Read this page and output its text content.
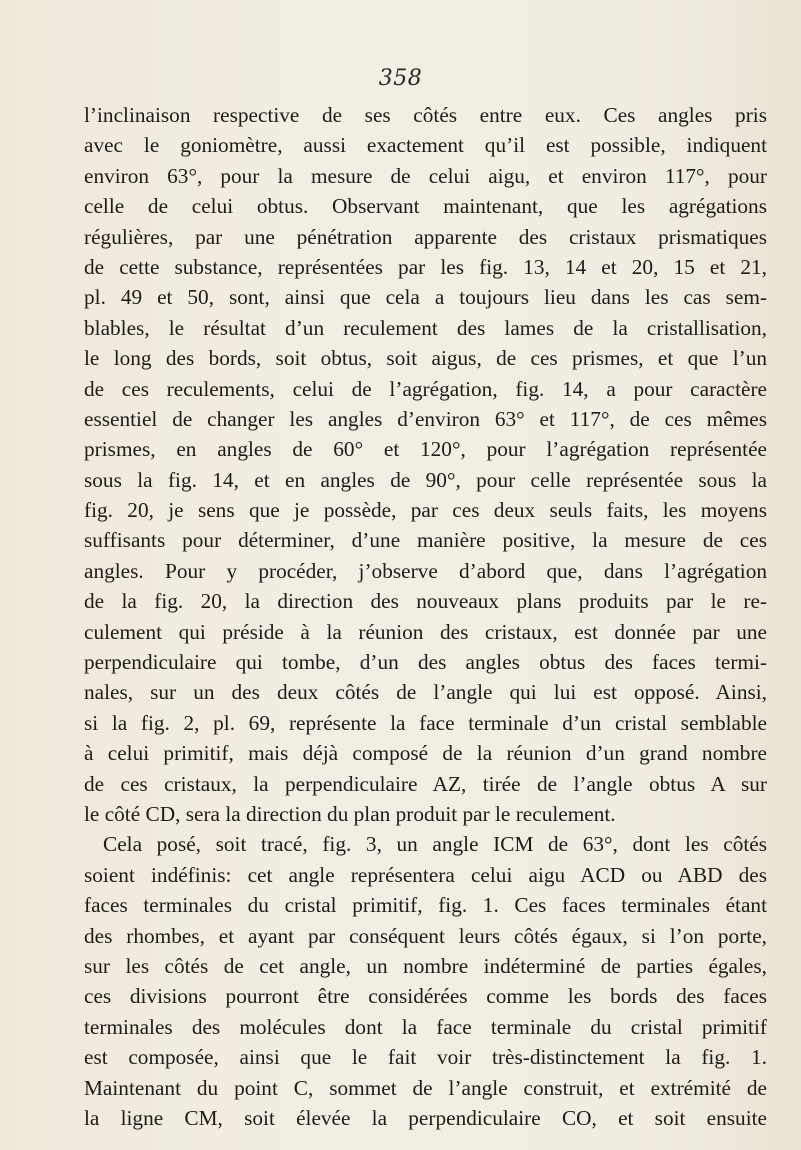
358
l’inclinaison respective de ses côtés entre eux. Ces angles pris
avec le goniomètre, aussi exactement qu’il est possible, indiquent
environ 63°, pour la mesure de celui aigu, et environ 117°, pour
celle de celui obtus. Observant maintenant, que les agrégations
régulières, par une pénétration apparente des cristaux prismatiques
de cette substance, représentées par les fig. 13, 14 et 20, 15 et 21,
pl. 49 et 50, sont, ainsi que cela a toujours lieu dans les cas sem-
blables, le résultat d’un reculement des lames de la cristallisation,
le long des bords, soit obtus, soit aigus, de ces prismes, et que l’un
de ces reculements, celui de l’agrégation, fig. 14, a pour caractère
essentiel de changer les angles d’environ 63° et 117°, de ces mêmes
prismes, en angles de 60° et 120°, pour l’agrégation représentée
sous la fig. 14, et en angles de 90°, pour celle représentée sous la
fig. 20, je sens que je possède, par ces deux seuls faits, les moyens
suffisants pour déterminer, d’une manière positive, la mesure de ces
angles. Pour y procéder, j’observe d’abord que, dans l’agrégation
de la fig. 20, la direction des nouveaux plans produits par le re-
culement qui préside à la réunion des cristaux, est donnée par une
perpendiculaire qui tombe, d’un des angles obtus des faces termi-
nales, sur un des deux côtés de l’angle qui lui est opposé. Ainsi,
si la fig. 2, pl. 69, représente la face terminale d’un cristal semblable
à celui primitif, mais déjà composé de la réunion d’un grand nombre
de ces cristaux, la perpendiculaire AZ, tirée de l’angle obtus A sur
le côté CD, sera la direction du plan produit par le reculement.
Cela posé, soit tracé, fig. 3, un angle ICM de 63°, dont les côtés
soient indéfinis: cet angle représentera celui aigu ACD ou ABD des
faces terminales du cristal primitif, fig. 1. Ces faces terminales étant
des rhombes, et ayant par conséquent leurs côtés égaux, si l’on porte,
sur les côtés de cet angle, un nombre indéterminé de parties égales,
ces divisions pourront être considérées comme les bords des faces
terminales des molécules dont la face terminale du cristal primitif
est composée, ainsi que le fait voir très-distinctement la fig. 1.
Maintenant du point C, sommet de l’angle construit, et extrémité de
la ligne CM, soit élevée la perpendiculaire CO, et soit ensuite
